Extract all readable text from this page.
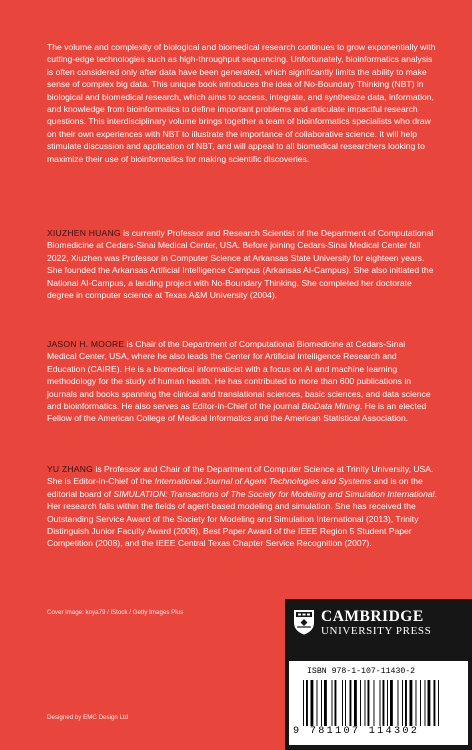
The volume and complexity of biological and biomedical research continues to grow exponentially with cutting-edge technologies such as high-throughput sequencing. Unfortunately, bioinformatics analysis is often considered only after data have been generated, which significantly limits the ability to make sense of complex big data. This unique book introduces the idea of No-Boundary Thinking (NBT) in biological and biomedical research, which aims to access, integrate, and synthesize data, information, and knowledge from bioinformatics to define important problems and articulate impactful research questions. This interdisciplinary volume brings together a team of bioinformatics specialists who draw on their own experiences with NBT to illustrate the importance of collaborative science. It will help stimulate discussion and application of NBT, and will appeal to all biomedical researchers looking to maximize their use of bioinformatics for making scientific discoveries.

XIUZHEN HUANG is currently Professor and Research Scientist of the Department of Computational Biomedicine at Cedars-Sinai Medical Center, USA. Before joining Cedars-Sinai Medical Center fall 2022, Xiuzhen was Professor in Computer Science at Arkansas State University for eighteen years. She founded the Arkansas Artificial Intelligence Campus (Arkansas AI-Campus). She also initiated the National AI-Campus, a landing project with No-Boundary Thinking. She completed her doctorate degree in computer science at Texas A&M University (2004).

JASON H. MOORE is Chair of the Department of Computational Biomedicine at Cedars-Sinai Medical Center, USA, where he also leads the Center for Artificial Intelligence Research and Education (CAIRE). He is a biomedical informaticist with a focus on AI and machine learning methodology for the study of human health. He has contributed to more than 600 publications in journals and books spanning the clinical and translational sciences, basic sciences, and data science and bioinformatics. He also serves as Editor-in-Chief of the journal BioData Mining. He is an elected Fellow of the American College of Medical Informatics and the American Statistical Association.

YU ZHANG is Professor and Chair of the Department of Computer Science at Trinity University, USA. She is Editor-in-Chief of the International Journal of Agent Technologies and Systems and is on the editorial board of SIMULATION: Transactions of The Society for Modeling and Simulation International. Her research falls within the fields of agent-based modeling and simulation. She has received the Outstanding Service Award of the Society for Modeling and Simulation International (2013), Trinity Distinguish Junior Faculty Award (2008), Best Paper Award of the IEEE Region 5 Student Paper Competition (2008), and the IEEE Central Texas Chapter Service Recognition (2007).

Cover image: koya79 / iStock / Getty Images Plus
Designed by EMC Design Ltd
CAMBRIDGE
UNIVERSITY PRESS
ISBN 978-1-107-11430-2
9 781107 114302
